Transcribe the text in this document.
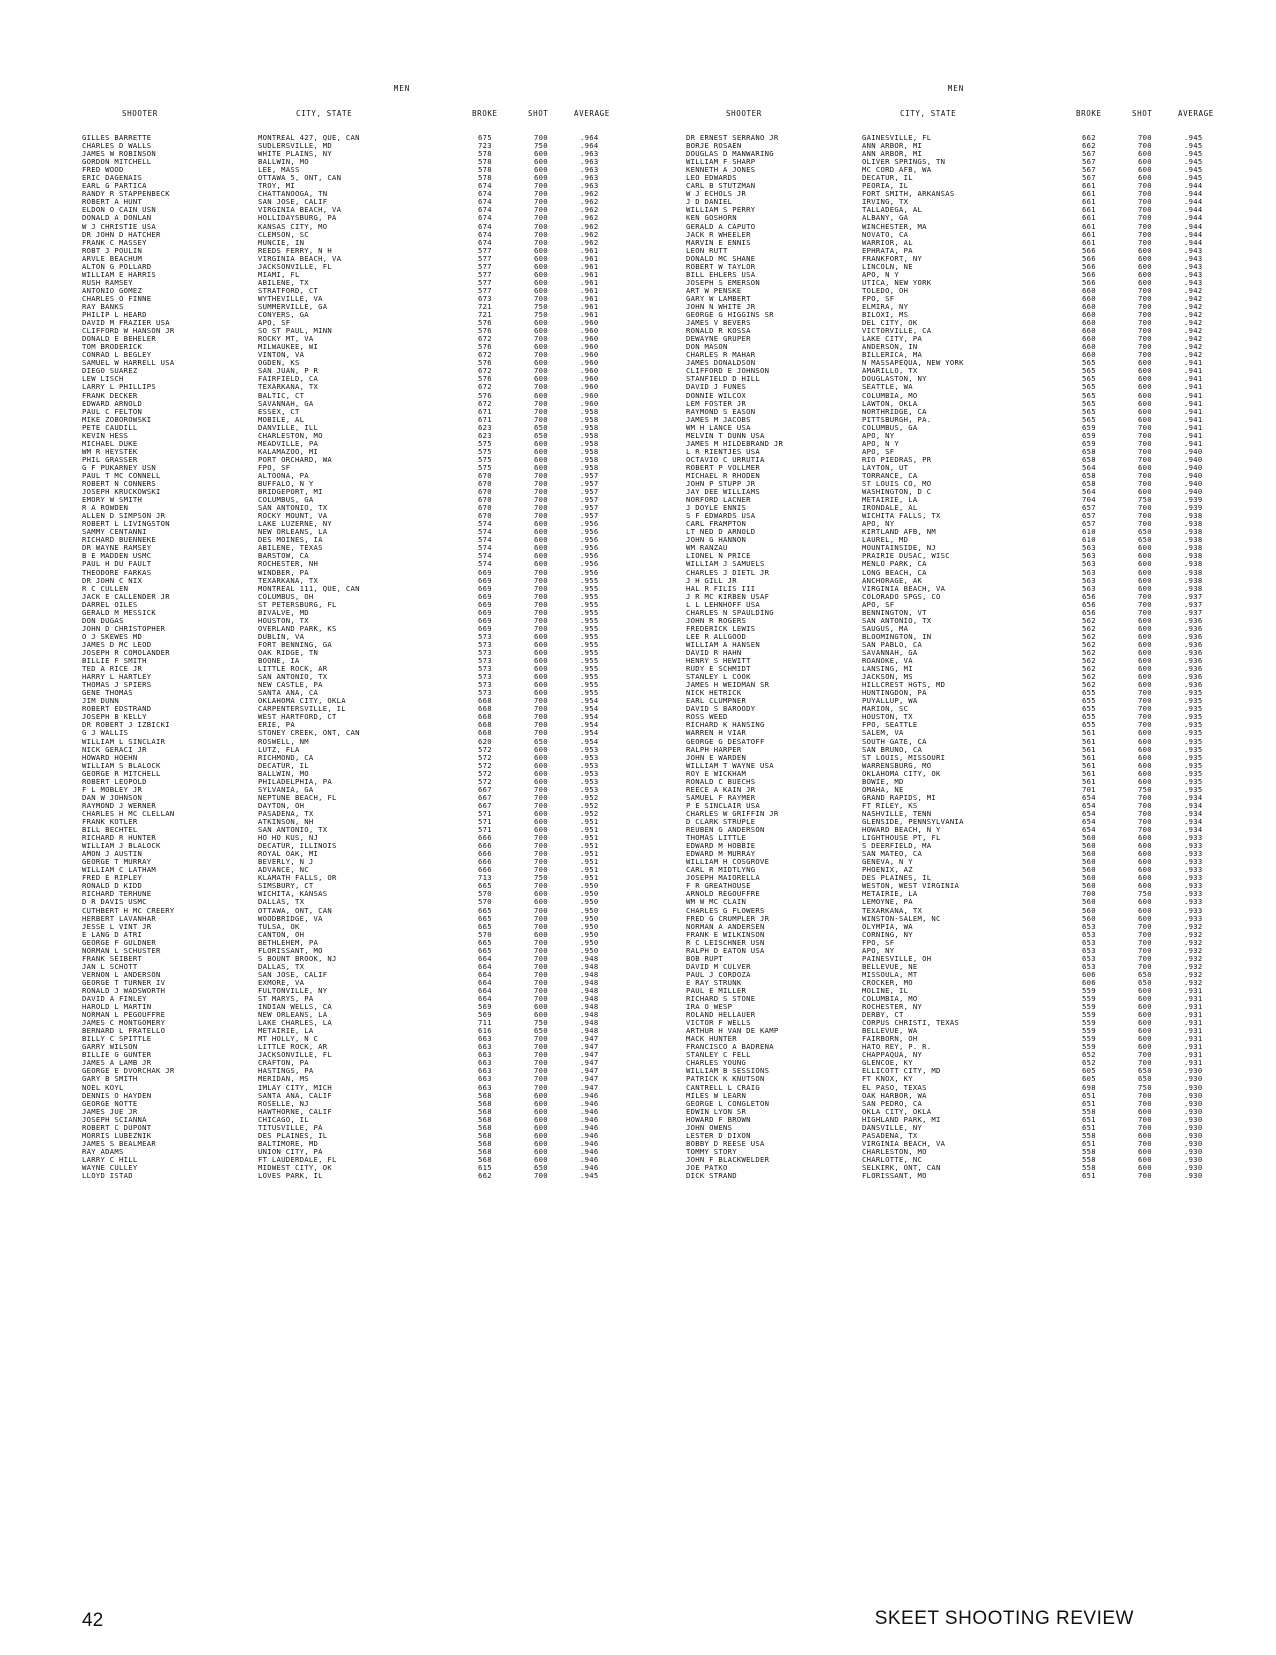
MEN
SHOOTER	CITY, STATE	BROKE	SHOT	AVERAGE
GILLES BARRETTE	MONTREAL 427, QUE, CAN	675	700	.964
CHARLES D WALLS	SUDLERSVILLE, MD	723	750	.964
JAMES W ROBINSON	WHITE PLAINS, NY	578	600	.963
GORDON MITCHELL	BALLWIN, MO	578	600	.963
FRED WOOD	LEE, MASS	578	600	.963
ERIC DAGENAIS	OTTAWA 5, ONT, CAN	578	600	.963
EARL G PARTICA	TROY, MI	674	700	.963
RANDY R STAPPENBECK	CHATTANOOGA, TN	674	700	.962
ROBERT A HUNT	SAN JOSE, CALIF	674	700	.962
ELDON O CAIN USN	VIRGINIA BEACH, VA	674	700	.962
DONALD A DONLAN	HOLLIDAYSBURG, PA	674	700	.962
W J CHRISTIE USA	KANSAS CITY, MO	674	700	.962
DR JOHN D HATCHER	CLEMSON, SC	674	700	.962
FRANK C MASSEY	MUNCIE, IN	674	700	.962
ROBT J POULIN	REEDS FERRY, N H	577	600	.961
ARVLE BEACHUM	VIRGINIA BEACH, VA	577	600	.961
ALTON G POLLARD	JACKSONVILLE, FL	577	600	.961
WILLIAM E HARRIS	MIAMI, FL	577	600	.961
RUSH RAMSEY	ABILENE, TX	577	600	.961
ANTONIO GOMEZ	STRATFORD, CT	577	600	.961
CHARLES O FINNE	WYTHEVILLE, VA	673	700	.961
RAY BANKS	SUMMERVILLE, GA	721	750	.961
PHILIP L HEARD	CONYERS, GA	721	750	.961
DAVID M FRAZIER USA	APO, SF	576	600	.960
CLIFFORD W HANSON JR	SO ST PAUL, MINN	576	600	.960
DONALD E BEHELER	ROCKY MT, VA	672	700	.960
TOM BRODERICK	MILWAUKEE, WI	576	600	.960
CONRAD L BEGLEY	VINTON, VA	672	700	.960
SAMUEL W HARRELL USA	OGDEN, KS	576	600	.960
DIEGO SUAREZ	SAN JUAN, P R	672	700	.960
LEW LISCH	FAIRFIELD, CA	576	600	.960
LARRY L PHILLIPS	TEXARKANA, TX	672	700	.960
FRANK DECKER	BALTIC, CT	576	600	.960
EDWARD ARNOLD	SAVANNAH, GA	672	700	.960
PAUL C FELTON	ESSEX, CT	671	700	.958
MIKE ZOBOROWSKI	MOBILE, AL	671	700	.958
PETE CAUDILL	DANVILLE, ILL	623	650	.958
KEVIN HESS	CHARLESTON, MO	623	650	.958
MICHAEL DUKE	MEADVILLE, PA	575	600	.958
WM R HEYSTEK	KALAMAZOO, MI	575	600	.958
PHIL GRASSER	PORT ORCHARD, WA	575	600	.958
G F PUKARNEY USN	FPO, SF	575	600	.958
PAUL T MC CONNELL	ALTOONA, PA	670	700	.957
ROBERT N CONNERS	BUFFALO, N Y	670	700	.957
JOSEPH KRUCKOWSKI	BRIDGEPORT, MI	670	700	.957
EMORY W SMITH	COLUMBUS, GA	670	700	.957
R A ROWDEN	SAN ANTONIO, TX	670	700	.957
ALLEN D SIMPSON JR	ROCKY MOUNT, VA	670	700	.957
ROBERT L LIVINGSTON	LAKE LUZERNE, NY	574	600	.956
SAMMY CENTANNI	NEW ORLEANS, LA	574	600	.956
RICHARD BUENNEKE	DES MOINES, IA	574	600	.956
DR WAYNE RAMSEY	ABILENE, TEXAS	574	600	.956
B E MADDEN USMC	BARSTOW, CA	574	600	.956
PAUL H DU FAULT	ROCHESTER, NH	574	600	.956
THEODORE FARKAS	WINDBER, PA	669	700	.956
DR JOHN C NIX	TEXARKANA, TX	669	700	.955
R C CULLEN	MONTREAL 111, QUE, CAN	669	700	.955
JACK E CALLENDER JR	COLUMBUS, OH	669	700	.955
DARREL OILES	ST PETERSBURG, FL	669	700	.955
GERALD M MESSICK	BIVALVE, MD	669	700	.955
DON DUGAS	HOUSTON, TX	669	700	.955
JOHN D CHRISTOPHER	OVERLAND PARK, KS	669	700	.955
O J SKEWES MD	DUBLIN, VA	573	600	.955
JAMES D MC LEOD	FORT BENNING, GA	573	600	.955
JOSEPH R COMOLANDER	OAK RIDGE, TN	573	600	.955
BILLIE F SMITH	BOONE, IA	573	600	.955
TED A RICE JR	LITTLE ROCK, AR	573	600	.955
HARRY L HARTLEY	SAN ANTONIO, TX	573	600	.955
THOMAS J SPIERS	NEW CASTLE, PA	573	600	.955
GENE THOMAS	SANTA ANA, CA	573	600	.955
JIM DUNN	OKLAHOMA CITY, OKLA	668	700	.954
ROBERT EDSTRAND	CARPENTERSVILLE, IL	668	700	.954
JOSEPH B KELLY	WEST HARTFORD, CT	668	700	.954
DR ROBERT J IZBICKI	ERIE, PA	668	700	.954
G J WALLIS	STONEY CREEK, ONT, CAN	668	700	.954
WILLIAM L SINCLAIR	ROSWELL, NM	620	650	.954
NICK GERACI JR	LUTZ, FLA	572	600	.953
HOWARD HOEHN	RICHMOND, CA	572	600	.953
WILLIAM S BLALOCK	DECATUR, IL	572	600	.953
GEORGE R MITCHELL	BALLWIN, MO	572	600	.953
ROBERT LEOPOLD	PHILADELPHIA, PA	572	600	.953
F L MOBLEY JR	SYLVANIA, GA	667	700	.953
DAN W JOHNSON	NEPTUNE BEACH, FL	667	700	.952
RAYMOND J WERNER	DAYTON, OH	667	700	.952
CHARLES H MC CLELLAN	PASADENA, TX	571	600	.952
FRANK KOTLER	ATKINSON, NH	571	600	.951
BILL BECHTEL	SAN ANTONIO, TX	571	600	.951
RICHARD R HUNTER	HO HO KUS, NJ	666	700	.951
WILLIAM J BLALOCK	DECATUR, ILLINOIS	666	700	.951
AMON J AUSTIN	ROYAL OAK, MI	666	700	.951
GEORGE T MURRAY	BEVERLY, N J	666	700	.951
WILLIAM C LATHAM	ADVANCE, NC	666	700	.951
FRED E RIPLEY	KLAMATH FALLS, OR	713	750	.951
RONALD D KIDD	SIMSBURY, CT	665	700	.950
RICHARD TERHUNE	WICHITA, KANSAS	570	600	.950
D R DAVIS USMC	DALLAS, TX	570	600	.950
CUTHBERT H MC CREERY	OTTAWA, ONT, CAN	665	700	.950
HERBERT LAVANHAR	WOODBRIDGE, VA	665	700	.950
JESSE L VINT JR	TULSA, OK	665	700	.950
E LANG D ATRI	CANTON, OH	570	600	.950
GEORGE F GULDNER	BETHLEHEM, PA	665	700	.950
NORMAN L SCHUSTER	FLORISSANT, MO	665	700	.950
FRANK SEIBERT	S BOUNT BROOK, NJ	664	700	.948
JAN L SCHOTT	DALLAS, TX	664	700	.948
VERNON L ANDERSON	SAN JOSE, CALIF	664	700	.948
GEORGE T TURNER IV	EXMORE, VA	664	700	.948
RONALD J WADSWORTH	FULTONVILLE, NY	664	700	.948
DAVID A FINLEY	ST MARYS, PA	664	700	.948
HAROLD L MARTIN	INDIAN WELLS, CA	569	600	.948
NORMAN L PEGOUFFRE	NEW ORLEANS, LA	569	600	.948
JAMES C MONTGOMERY	LAKE CHARLES, LA	711	750	.948
BERNARD L FRATELLO	METAIRIE, LA	616	650	.948
BILLY C SPITTLE	MT HOLLY, N C	663	700	.947
GARRY WILSON	LITTLE ROCK, AR	663	700	.947
BILLIE G GUNTER	JACKSONVILLE, FL	663	700	.947
JAMES A LAMB JR	CRAFTON, PA	663	700	.947
GEORGE E DVORCHAK JR	HASTINGS, PA	663	700	.947
GARY B SMITH	MERIDAN, MS	663	700	.947
NOEL KOYL	IMLAY CITY, MICH	663	700	.947
DENNIS O HAYDEN	SANTA ANA, CALIF	568	600	.946
GEORGE NOTTE	ROSELLE, NJ	568	600	.946
JAMES JUE JR	HAWTHORNE, CALIF	568	600	.946
JOSEPH SCIANNA	CHICAGO, IL	568	600	.946
ROBERT C DUPONT	TITUSVILLE, PA	568	600	.946
MORRIS LUBEZNIK	DES PLAINES, IL	568	600	.946
JAMES S BEALMEAR	BALTIMORE, MD	568	600	.946
RAY ADAMS	UNION CITY, PA	568	600	.946
LARRY C HILL	FT LAUDERDALE, FL	568	600	.946
WAYNE CULLEY	MIDWEST CITY, OK	615	650	.946
LLOYD ISTAD	LOVES PARK, IL	662	700	.945
MEN
SHOOTER	CITY, STATE	BROKE	SHOT	AVERAGE
DR ERNEST SERRANO JR	GAINESVILLE, FL	662	700	.945
BORJE ROSAEN	ANN ARBOR, MI	662	700	.945
DOUGLAS D MANWARING	ANN ARBOR, MI	567	600	.945
WILLIAM F SHARP	OLIVER SPRINGS, TN	567	600	.945
KENNETH A JONES	MC CORD AFB, WA	567	600	.945
LEO EDWARDS	DECATUR, IL	567	600	.945
CARL B STUTZMAN	PEORIA, IL	661	700	.944
W J ECHOLS JR	FORT SMITH, ARKANSAS	661	700	.944
J D DANIEL	IRVING, TX	661	700	.944
WILLIAM S PERRY	TALLADEGA, AL	661	700	.944
KEN GOSHORN	ALBANY, GA	661	700	.944
GERALD A CAPUTO	WINCHESTER, MA	661	700	.944
JACK R WHEELER	NOVATO, CA	661	700	.944
MARVIN E ENNIS	WARRIOR, AL	661	700	.944
LEON RUTT	EPHRATA, PA	566	600	.943
DONALD MC SHANE	FRANKFORT, NY	566	600	.943
ROBERT W TAYLOR	LINCOLN, NE	566	600	.943
BILL EHLERS USA	APO, N Y	566	600	.943
JOSEPH S EMERSON	UTICA, NEW YORK	566	600	.943
ART W PENSKE	TOLEDO, OH	660	700	.942
GARY W LAMBERT	FPO, SF	660	700	.942
JOHN N WHITE JR	ELMIRA, NY	660	700	.942
GEORGE G HIGGINS SR	BILOXI, MS	660	700	.942
JAMES V BEVERS	DEL CITY, OK	660	700	.942
RONALD R KOSSA	VICTORVILLE, CA	660	700	.942
DEWAYNE GRUPER	LAKE CITY, PA	660	700	.942
DON MASON	ANDERSON, IN	660	700	.942
CHARLES R MAHAR	BILLERICA, MA	660	700	.942
JAMES DONALDSON	N MASSAPEQUA, NEW YORK	565	600	.941
CLIFFORD E JOHNSON	AMARILLO, TX	565	600	.941
STANFIELD D HILL	DOUGLASTON, NY	565	600	.941
DAVID J FUNES	SEATTLE, WA	565	600	.941
DONNIE WILCOX	COLUMBIA, MO	565	600	.941
LEM FOSTER JR	LAWTON, OKLA	565	600	.941
RAYMOND S EASON	NORTHRIDGE, CA	565	600	.941
JAMES M JACOBS	PITTSBURGH, PA.	565	600	.941
WM H LANCE USA	COLUMBUS, GA	659	700	.941
MELVIN T DUNN USA	APO, NY	659	700	.941
JAMES M HILDEBRAND JR	APO, N Y	659	700	.941
L R RIENTJES USA	APO, SF	658	700	.940
OCTAVIO C URRUTIA	RIO PIEDRAS, PR	658	700	.940
ROBERT P VOLLMER	LAYTON, UT	564	600	.940
MICHAEL R RHODEN	TORRANCE, CA	658	700	.940
JOHN P STUPP JR	ST LOUIS CO, MO	658	700	.940
JAY DEE WILLIAMS	WASHINGTON, D C	564	600	.940
NORFORD LACNER	METAIRIE, LA	704	750	.939
J DOYLE ENNIS	IRONDALE, AL	657	700	.939
S F EDWARDS USA	WICHITA FALLS, TX	657	700	.938
CARL FRAMPTON	APO, NY	657	700	.938
LT NED D ARNOLD	KIRTLAND AFB, NM	610	650	.938
JOHN G HANNON	LAUREL, MD	610	650	.938
WM RANZAU	MOUNTAINSIDE, NJ	563	600	.938
LIONEL N PRICE	PRAIRIE DUSAC, WISC	563	600	.938
WILLIAM J SAMUELS	MENLO PARK, CA	563	600	.938
CHARLES J DIETL JR	LONG BEACH, CA	563	600	.938
J H GILL JR	ANCHORAGE, AK	563	600	.938
HAL R FILIS III	VIRGINIA BEACH, VA	563	600	.938
J R MC KIRBEN USAF	COLORADO SPGS, CO	656	700	.937
L L LEHNHOFF USA	APO, SF	656	700	.937
CHARLES N SPAULDING	BENNINGTON, VT	656	700	.937
JOHN R ROGERS	SAN ANTONIO, TX	562	600	.936
FREDERICK LEWIS	SAUGUS, MA	562	600	.936
LEE R ALLGOOD	BLOOMINGTON, IN	562	600	.936
WILLIAM A HANSEN	SAN PABLO, CA	562	600	.936
DAVID R HAHN	SAVANNAH, GA	562	600	.936
HENRY S HEWITT	ROANOKE, VA	562	600	.936
RUDY E SCHMIDT	LANSING, MI	562	600	.936
STANLEY L COOK	JACKSON, MS	562	600	.936
JAMES H WEIDMAN SR	HILLCREST HGTS, MD	562	600	.936
NICK HETRICK	HUNTINGDON, PA	655	700	.935
EARL CLUMPNER	PUYALLUP, WA	655	700	.935
DAVID S BAROODY	MARION, SC	655	700	.935
ROSS WEED	HOUSTON, TX	655	700	.935
RICHARD K HANSING	FPO, SEATTLE	655	700	.935
WARREN H VIAR	SALEM, VA	561	600	.935
GEORGE G DESATOFF	SOUTH GATE, CA	561	600	.935
RALPH HARPER	SAN BRUNO, CA	561	600	.935
JOHN E WARDEN	ST LOUIS, MISSOURI	561	600	.935
WILLIAM T WAYNE USA	WARRENSBURG, MO	561	600	.935
ROY E WICKHAM	OKLAHOMA CITY, OK	561	600	.935
RONALD C BUECHS	BOWIE, MD	561	600	.935
REECE A KAIN JR	OMAHA, NE	701	750	.935
SAMUEL F RAYMER	GRAND RAPIDS, MI	654	700	.934
P E SINCLAIR USA	FT RILEY, KS	654	700	.934
CHARLES W GRIFFIN JR	NASHVILLE, TENN	654	700	.934
D CLARK STRUPLE	GLENSIDE, PENNSYLVANIA	654	700	.934
REUBEN G ANDERSON	HOWARD BEACH, N Y	654	700	.934
THOMAS LITTLE	LIGHTHOUSE PT, FL	560	600	.933
EDWARD M HOBBIE	S DEERFIELD, MA	560	600	.933
EDWARD M MURRAY	SAN MATEO, CA	560	600	.933
WILLIAM H COSGROVE	GENEVA, N Y	560	600	.933
CARL R MIDTLYNG	PHOENIX, AZ	560	600	.933
JOSEPH MAIORELLA	DES PLAINES, IL	560	600	.933
F R GREATHOUSE	WESTON, WEST VIRGINIA	560	600	.933
ARNOLD REGOUFFRE	METAIRIE, LA	700	750	.933
WM W MC CLAIN	LEMOYNE, PA	560	600	.933
CHARLES G FLOWERS	TEXARKANA, TX	560	600	.933
FRED G CRUMPLER JR	WINSTON-SALEM, NC	560	600	.933
NORMAN A ANDERSEN	OLYMPIA, WA	653	700	.932
FRANK E WILKINSON	CORNING, NY	653	700	.932
R C LEISCHNER USN	FPO, SF	653	700	.932
RALPH D EATON USA	APO, NY	653	700	.932
BOB RUPT	PAINESVILLE, OH	653	700	.932
DAVID M CULVER	BELLEVUE, NE	653	700	.932
PAUL J CORDOZA	MISSOULA, MT	606	650	.932
E RAY STRUNK	CROCKER, MO	606	650	.932
PAUL E MILLER	MOLINE, IL	559	600	.931
RICHARD S STONE	COLUMBIA, MO	559	600	.931
IRA O WESP	ROCHESTER, NY	559	600	.931
ROLAND HELLAUER	DERBY, CT	559	600	.931
VICTOR F WELLS	CORPUS CHRISTI, TEXAS	559	600	.931
ARTHUR H VAN DE KAMP	BELLEVUE, WA	559	600	.931
MACK HUNTER	FAIRBORN, OH	559	600	.931
FRANCISCO A BADRENA	HATO REY, P. R.	559	600	.931
STANLEY C FELL	CHAPPAQUA, NY	652	700	.931
CHARLES YOUNG	GLENCOE, KY	652	700	.931
WILLIAM B SESSIONS	ELLICOTT CITY, MD	605	650	.930
PATRICK K KNUTSON	FT KNOX, KY	605	650	.930
CANTRELL L CRAIG	EL PASO, TEXAS	698	750	.930
MILES W LEARN	OAK HARBOR, WA	651	700	.930
GEORGE L CONGLETON	SAN PEDRO, CA	651	700	.930
EDWIN LYON SR	OKLA CITY, OKLA	558	600	.930
HOWARD F BROWN	HIGHLAND PARK, MI	651	700	.930
JOHN OWENS	DANSVILLE, NY	651	700	.930
LESTER D DIXON	PASADENA, TX	558	600	.930
BOBBY D REESE USA	VIRGINIA BEACH, VA	651	700	.930
TOMMY STORY	CHARLESTON, MO	558	600	.930
JOHN F BLACKWELDER	CHARLOTTE, NC	558	600	.930
JOE PATKO	SELKIRK, ONT, CAN	558	600	.930
DICK STRAND	FLORISSANT, MO	651	700	.930
42	SKEET SHOOTING REVIEW
